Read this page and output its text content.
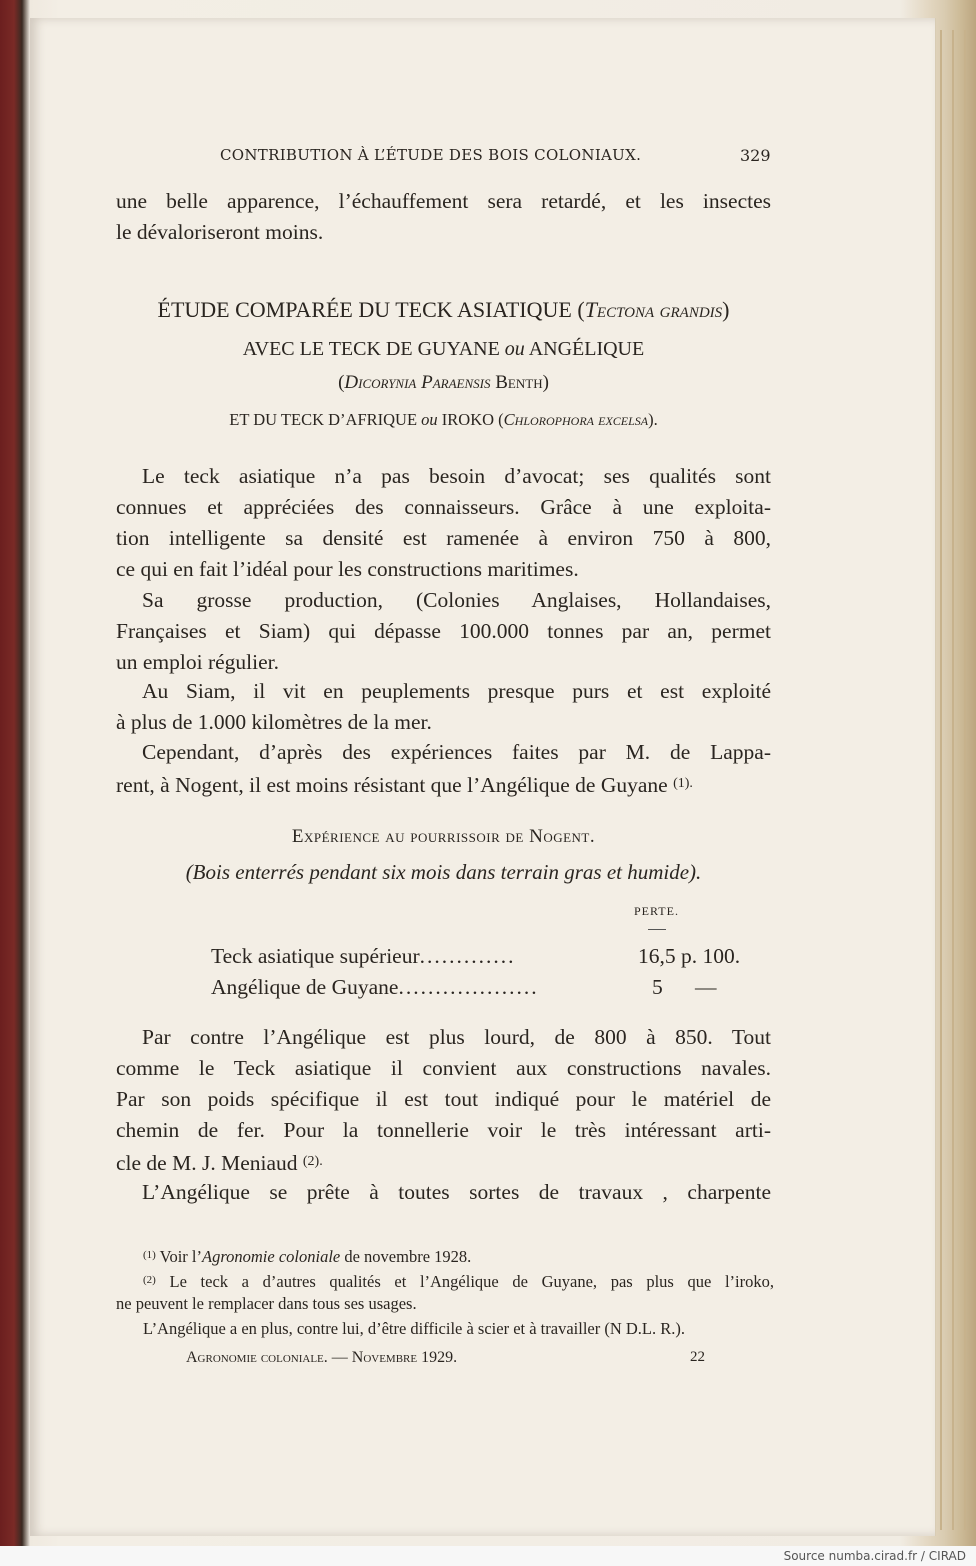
CONTRIBUTION À L’ÉTUDE DES BOIS COLONIAUX.	329
une belle apparence, l’échauffement sera retardé, et les insectes
le dévaloriseront moins.
ÉTUDE COMPARÉE DU TECK ASIATIQUE (Tectona grandis)
AVEC LE TECK DE GUYANE ou ANGÉLIQUE
(Dicorynia Paraensis Benth)
ET DU TECK D’AFRIQUE ou IROKO (Chlorophora excelsa).
Le teck asiatique n’a pas besoin d’avocat; ses qualités sont
connues et appréciées des connaisseurs. Grâce à une exploita-
tion intelligente sa densité est ramenée à environ 750 à 800,
ce qui en fait l’idéal pour les constructions maritimes.
Sa grosse production, (Colonies Anglaises, Hollandaises,
Françaises et Siam) qui dépasse 100.000 tonnes par an, permet
un emploi régulier.
Au Siam, il vit en peuplements presque purs et est exploité
à plus de 1.000 kilomètres de la mer.
Cependant, d’après des expériences faites par M. de Lappa-
rent, à Nogent, il est moins résistant que l’Angélique de Guyane $^{(1).}$
Expérience au pourrissoir de Nogent.
(Bois enterrés pendant six mois dans terrain gras et humide).
PERTE.
Teck asiatique supérieur.............	16,5 p. 100.
Angélique de Guyane...................	5      —
Par contre l’Angélique est plus lourd, de 800 à 850. Tout
comme le Teck asiatique il convient aux constructions navales.
Par son poids spécifique il est tout indiqué pour le matériel de
chemin de fer. Pour la tonnellerie voir le très intéressant arti-
cle de M. J. Meniaud $^{(2).}$
L’Angélique se prête à toutes sortes de travaux , charpente
$^{(1)}$ Voir l’Agronomie coloniale de novembre 1928.
$^{(2)}$ Le teck a d’autres qualités et l’Angélique de Guyane, pas plus que l’iroko,
ne peuvent le remplacer dans tous ses usages.
L’Angélique a en plus, contre lui, d’être difficile à scier et à travailler (N D.L. R.).
Agronomie coloniale. — Novembre 1929.	22
Source numba.cirad.fr / CIRAD
